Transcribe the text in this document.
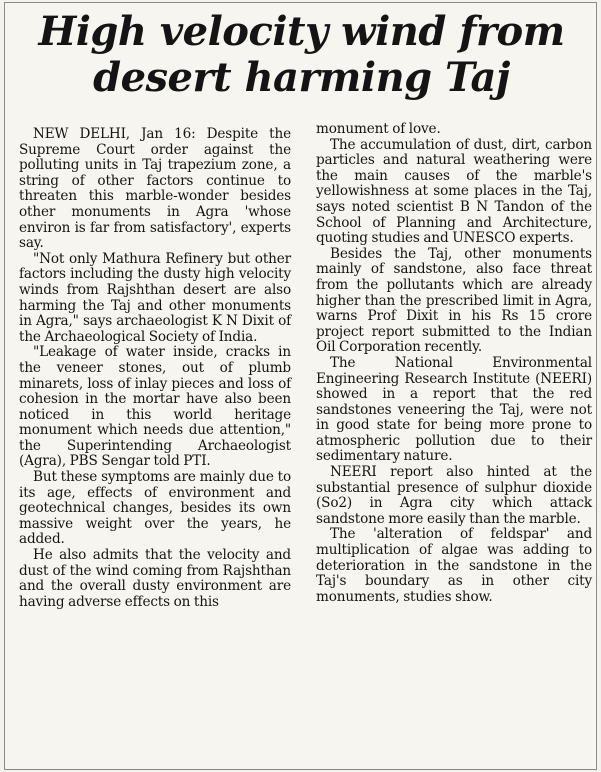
High velocity wind from
desert harming Taj

NEW DELHI, Jan 16: Despite the Supreme Court order against the polluting units in Taj trapezium zone, a string of other factors continue to threaten this marble-wonder besides other monuments in Agra 'whose environ is far from satisfactory', experts say.

"Not only Mathura Refinery but other factors including the dusty high velocity winds from Rajshthan desert are also harming the Taj and other monuments in Agra," says archaeologist K N Dixit of the Archaeological Society of India.

"Leakage of water inside, cracks in the veneer stones, out of plumb minarets, loss of inlay pieces and loss of cohesion in the mortar have also been noticed in this world heritage monument which needs due attention," the Superintending Archaeologist (Agra), PBS Sengar told PTI.

But these symptoms are mainly due to its age, effects of environment and geotechnical changes, besides its own massive weight over the years, he added.

He also admits that the velocity and dust of the wind coming from Rajshthan and the overall dusty environment are having adverse effects on this

monument of love.

The accumulation of dust, dirt, carbon particles and natural weathering were the main causes of the marble's yellowishness at some places in the Taj, says noted scientist B N Tandon of the School of Planning and Architecture, quoting studies and UNESCO experts.

Besides the Taj, other monuments mainly of sandstone, also face threat from the pollutants which are already higher than the prescribed limit in Agra, warns Prof Dixit in his Rs 15 crore project report submitted to the Indian Oil Corporation recently.

The National Environmental Engineering Research Institute (NEERI) showed in a report that the red sandstones veneering the Taj, were not in good state for being more prone to atmospheric pollution due to their sedimentary nature.

NEERI report also hinted at the substantial presence of sulphur dioxide (So2) in Agra city which attack sandstone more easily than the marble.

The 'alteration of feldspar' and multiplication of algae was adding to deterioration in the sandstone in the Taj's boundary as in other city monuments, studies show.
